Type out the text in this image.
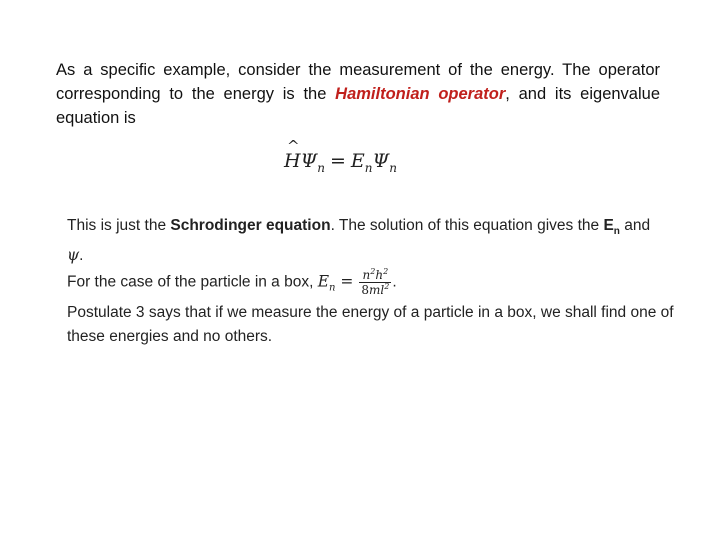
As a specific example, consider the measurement of the energy. The operator corresponding to the energy is the Hamiltonian operator, and its eigenvalue equation is
^ $H\Psi_n = E_n\Psi_n$

This is just the Schrodinger equation. The solution of this equation gives the $E_n$ and

ψ.

For the case of the particle in a box, $E_n = \frac{n^2h^2}{8ml^2}$ .

Postulate 3 says that if we measure the energy of a particle in a box, we shall find one of these energies and no others.
